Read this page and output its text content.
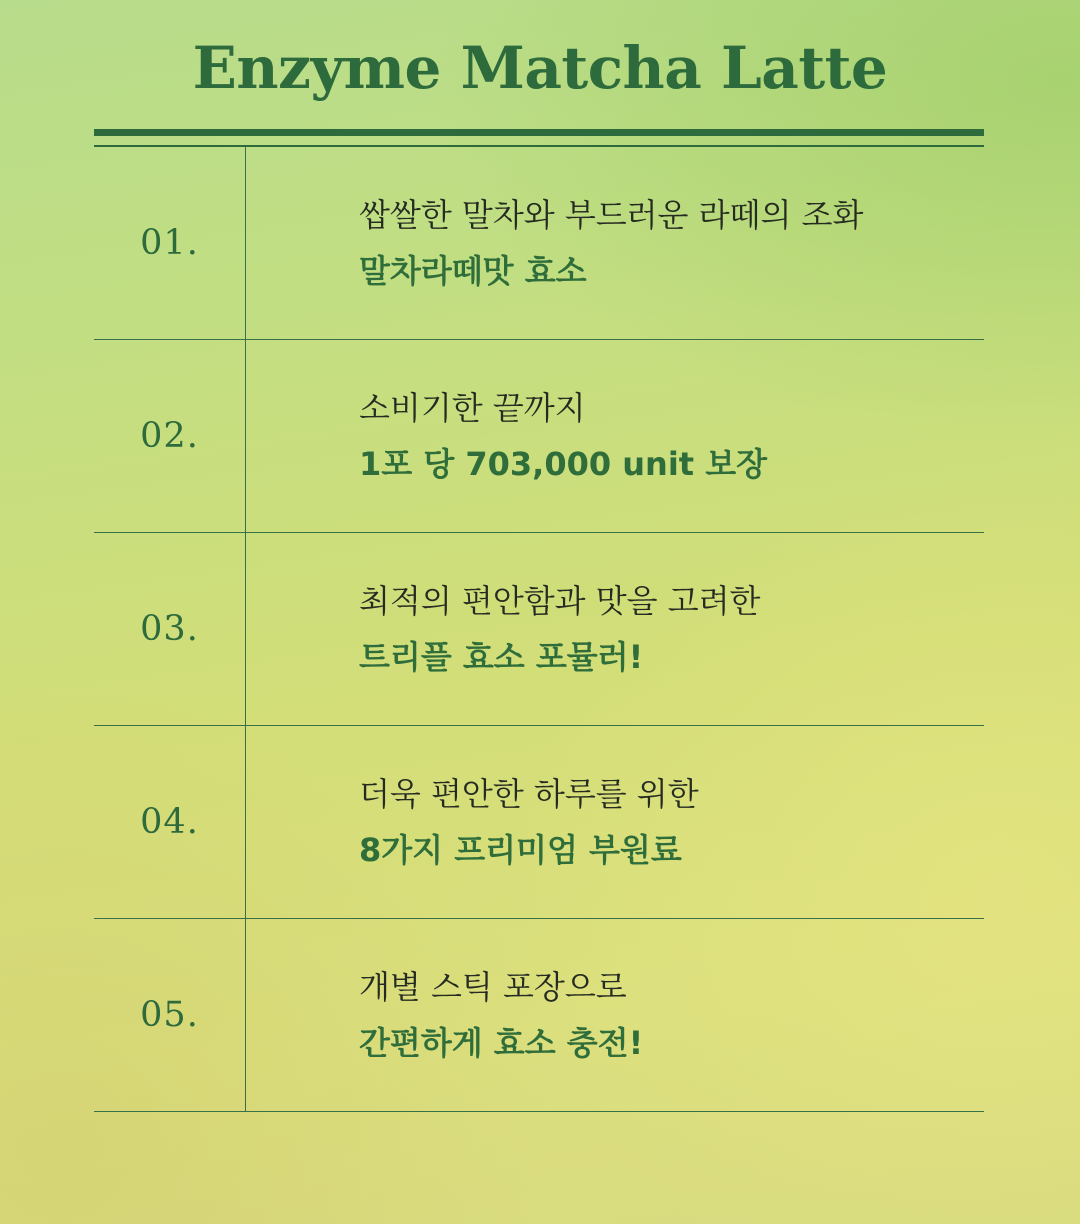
Enzyme Matcha Latte
01.
쌉쌀한 말차와 부드러운 라떼의 조화
말차라떼맛 효소
02.
소비기한 끝까지
1포 당 703,000 unit 보장
03.
최적의 편안함과 맛을 고려한
트리플 효소 포뮬러!
04.
더욱 편안한 하루를 위한
8가지 프리미엄 부원료
05.
개별 스틱 포장으로
간편하게 효소 충전!
